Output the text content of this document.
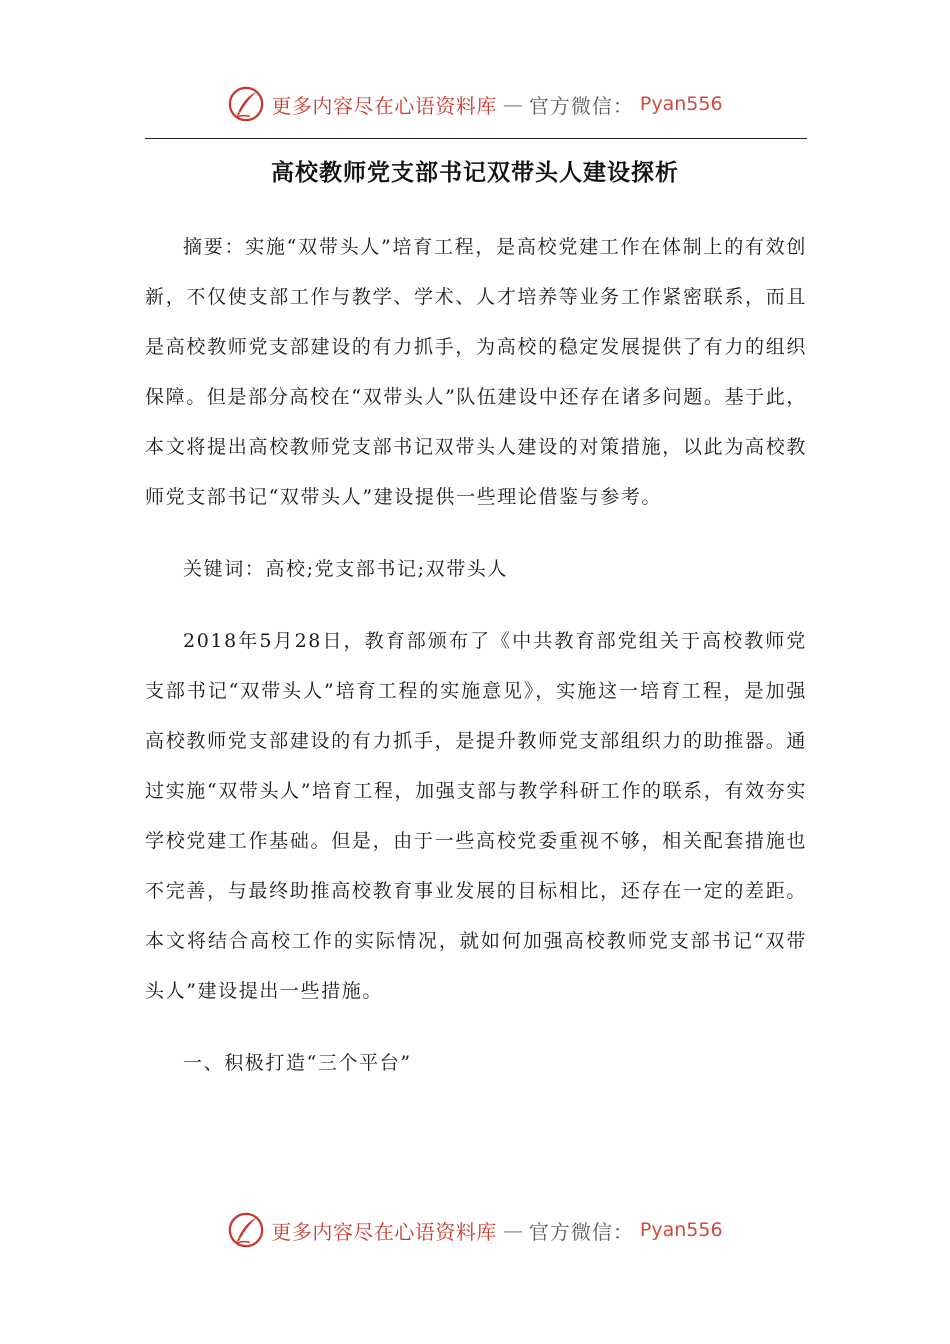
更多内容尽在心语资料库 — 官方微信： Pyan556
高校教师党支部书记双带头人建设探析

摘要：实施“双带头人”培育工程，是高校党建工作在体制上的有效创新，不仅使支部工作与教学、学术、人才培养等业务工作紧密联系，而且是高校教师党支部建设的有力抓手，为高校的稳定发展提供了有力的组织保障。但是部分高校在“双带头人”队伍建设中还存在诸多问题。基于此，本文将提出高校教师党支部书记双带头人建设的对策措施，以此为高校教师党支部书记“双带头人”建设提供一些理论借鉴与参考。

关键词：高校;党支部书记;双带头人

2018年5月28日，教育部颁布了《中共教育部党组关于高校教师党支部书记“双带头人”培育工程的实施意见》，实施这一培育工程，是加强高校教师党支部建设的有力抓手，是提升教师党支部组织力的助推器。通过实施“双带头人”培育工程，加强支部与教学科研工作的联系，有效夯实学校党建工作基础。但是，由于一些高校党委重视不够，相关配套措施也不完善，与最终助推高校教育事业发展的目标相比，还存在一定的差距。本文将结合高校工作的实际情况，就如何加强高校教师党支部书记“双带头人”建设提出一些措施。

一、积极打造“三个平台”

更多内容尽在心语资料库 — 官方微信： Pyan556
